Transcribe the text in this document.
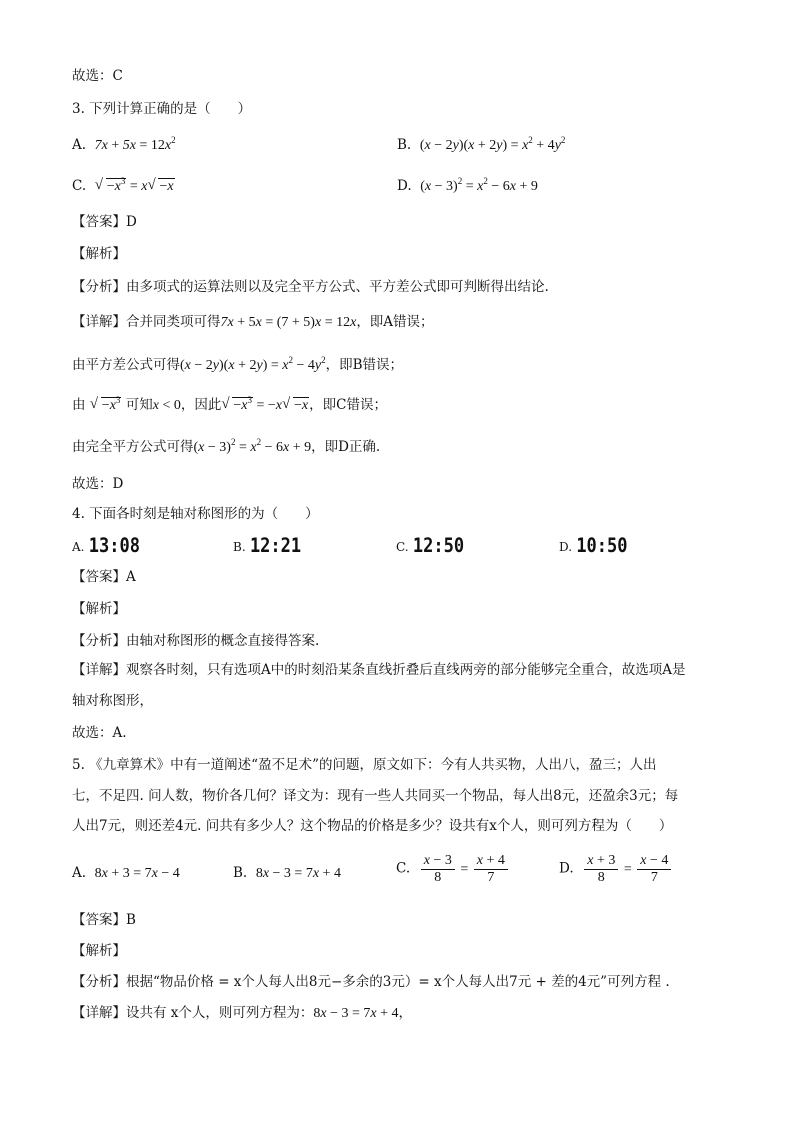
故选：C
3. 下列计算正确的是（　　）
A. $7x + 5x = 12x^2$	B. $(x - 2y)(x + 2y) = x^2 + 4y^2$
C.  √ $-x^3 = x√ -x$	D. $(x - 3)^2 = x^2 - 6x + 9$
【答案】D
【解析】
【分析】由多项式的运算法则以及完全平方公式、平方差公式即可判断得出结论.
【详解】合并同类项可得7x + 5x = (7 + 5)x = 12x，即A错误；
由平方差公式可得$(x - 2y)(x + 2y) = x^2 - 4y^2$，即B错误；
由 √ $-x^3$ 可知x < 0，因此√ $-x^3 = -x√ -x$，即C错误；
由完全平方公式可得$(x - 3)^2 = x^2 - 6x + 9$，即D正确.
故选：D
4. 下面各时刻是轴对称图形的为（　　）
A. 13:08	B. 12:21	C. 12:50	D. 10:50
【答案】A
【解析】
【分析】由轴对称图形的概念直接得答案.
【详解】观察各时刻，只有选项A中的时刻沿某条直线折叠后直线两旁的部分能够完全重合，故选项A是
轴对称图形，
故选：A.
5. 《九章算术》中有一道阐述“盈不足术”的问题，原文如下：今有人共买物，人出八，盈三；人出
七，不足四. 问人数，物价各几何？译文为：现有一些人共同买一个物品，每人出8元，还盈余3元；每
人出7元，则还差4元. 问共有多少人？这个物品的价格是多少？设共有x个人，则可列方程为（　　）
A. 8x + 3 = 7x − 4	B. 8x − 3 = 7x + 4	C. $\frac{x - 3}{8} = \frac{x + 4}{7}$	D. $\frac{x + 3}{8} = \frac{x - 4}{7}$
【答案】B
【解析】
【分析】根据“物品价格 = x个人每人出8元−多余的3元）= x个人每人出7元 + 差的4元”可列方程 .
【详解】设共有 x个人，则可列方程为：8x − 3 = 7x + 4，
